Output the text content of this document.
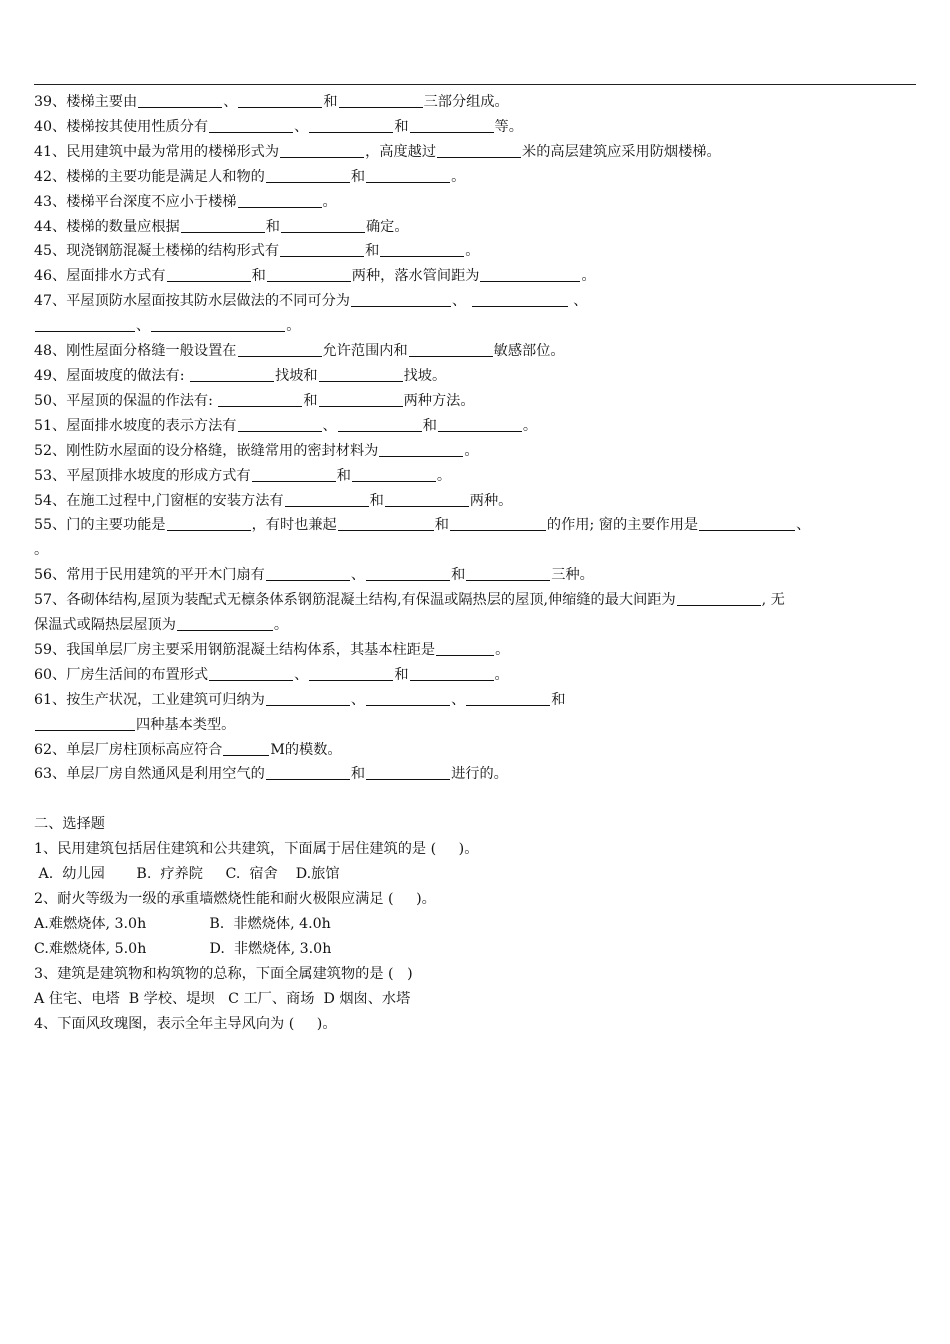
39、楼梯主要由	、	和	三部分组成。
40、楼梯按其使用性质分有	、	和	等。
41、民用建筑中最为常用的楼梯形式为	，高度越过	米的高层建筑应采用防烟楼梯。
42、楼梯的主要功能是满足人和物的	和	。
43、楼梯平台深度不应小于楼梯	。
44、楼梯的数量应根据	和	确定。
45、现浇钢筋混凝土楼梯的结构形式有	和	。
46、屋面排水方式有	和	两种，落水管间距为	。
47、平屋顶防水屋面按其防水层做法的不同可分为	、	、
、	。
48、刚性屋面分格缝一般设置在	允许范围内和	敏感部位。
49、屋面坡度的做法有:	找坡和	找坡。
50、平屋顶的保温的作法有:	和	两种方法。
51、屋面排水坡度的表示方法有	、	和	。
52、刚性防水屋面的设分格缝，嵌缝常用的密封材料为	。
53、平屋顶排水坡度的形成方式有	和	。
54、在施工过程中,门窗框的安装方法有	和	两种。
55、门的主要功能是	，有时也兼起	和	的作用; 窗的主要作用是	、
。
56、常用于民用建筑的平开木门扇有	、	和	三种。
57、各砌体结构,屋顶为装配式无檩条体系钢筋混凝土结构,有保温或隔热层的屋顶,伸缩缝的最大间距为	, 无
保温式或隔热层屋顶为	。
59、我国单层厂房主要采用钢筋混凝土结构体系，其基本柱距是	。
60、厂房生活间的布置形式	、	和	。
61、按生产状况，工业建筑可归纳为	、	、	和
四种基本类型。
62、单层厂房柱顶标高应符合	M的模数。
63、单层厂房自然通风是利用空气的	和	进行的。
二、选择题
1、民用建筑包括居住建筑和公共建筑，下面属于居住建筑的是 (     )。
A.  幼儿园       B.  疗养院     C.  宿舍    D.旅馆
2、耐火等级为一级的承重墙燃烧性能和耐火极限应满足 (     )。
A.难燃烧体, 3.0h              B.  非燃烧体, 4.0h
C.难燃烧体, 5.0h              D.  非燃烧体, 3.0h
3、建筑是建筑物和构筑物的总称，下面全属建筑物的是 (   )
A 住宅、电塔  B 学校、堤坝   C 工厂、商场  D 烟囱、水塔
4、下面风玫瑰图，表示全年主导风向为 (     )。
